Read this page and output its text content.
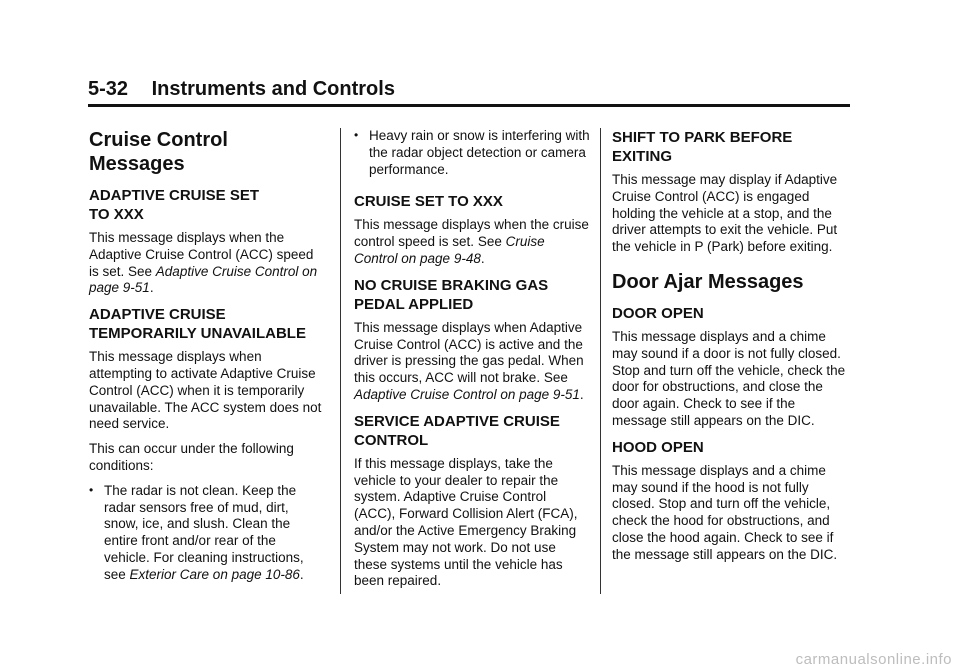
5-32 Instruments and Controls
Cruise Control Messages
ADAPTIVE CRUISE SET
TO XXX

This message displays when the Adaptive Cruise Control (ACC) speed is set. See Adaptive Cruise Control on page 9-51.

ADAPTIVE CRUISE
TEMPORARILY UNAVAILABLE

This message displays when attempting to activate Adaptive Cruise Control (ACC) when it is temporarily unavailable. The ACC system does not need service.

This can occur under the following conditions:

• The radar is not clean. Keep the radar sensors free of mud, dirt, snow, ice, and slush. Clean the entire front and/or rear of the vehicle. For cleaning instructions, see Exterior Care on page 10-86.
• Heavy rain or snow is interfering with the radar object detection or camera performance.
CRUISE SET TO XXX

This message displays when the cruise control speed is set. See Cruise Control on page 9-48.

NO CRUISE BRAKING GAS
PEDAL APPLIED

This message displays when Adaptive Cruise Control (ACC) is active and the driver is pressing the gas pedal. When this occurs, ACC will not brake. See Adaptive Cruise Control on page 9-51.

SERVICE ADAPTIVE CRUISE
CONTROL

If this message displays, take the vehicle to your dealer to repair the system. Adaptive Cruise Control (ACC), Forward Collision Alert (FCA), and/or the Active Emergency Braking System may not work. Do not use these systems until the vehicle has been repaired.

SHIFT TO PARK BEFORE
EXITING

This message may display if Adaptive Cruise Control (ACC) is engaged holding the vehicle at a stop, and the driver attempts to exit the vehicle. Put the vehicle in P (Park) before exiting.

Door Ajar Messages
DOOR OPEN

This message displays and a chime may sound if a door is not fully closed. Stop and turn off the vehicle, check the door for obstructions, and close the door again. Check to see if the message still appears on the DIC.

HOOD OPEN

This message displays and a chime may sound if the hood is not fully closed. Stop and turn off the vehicle, check the hood for obstructions, and close the hood again. Check to see if the message still appears on the DIC.

carmanualsonline.info
